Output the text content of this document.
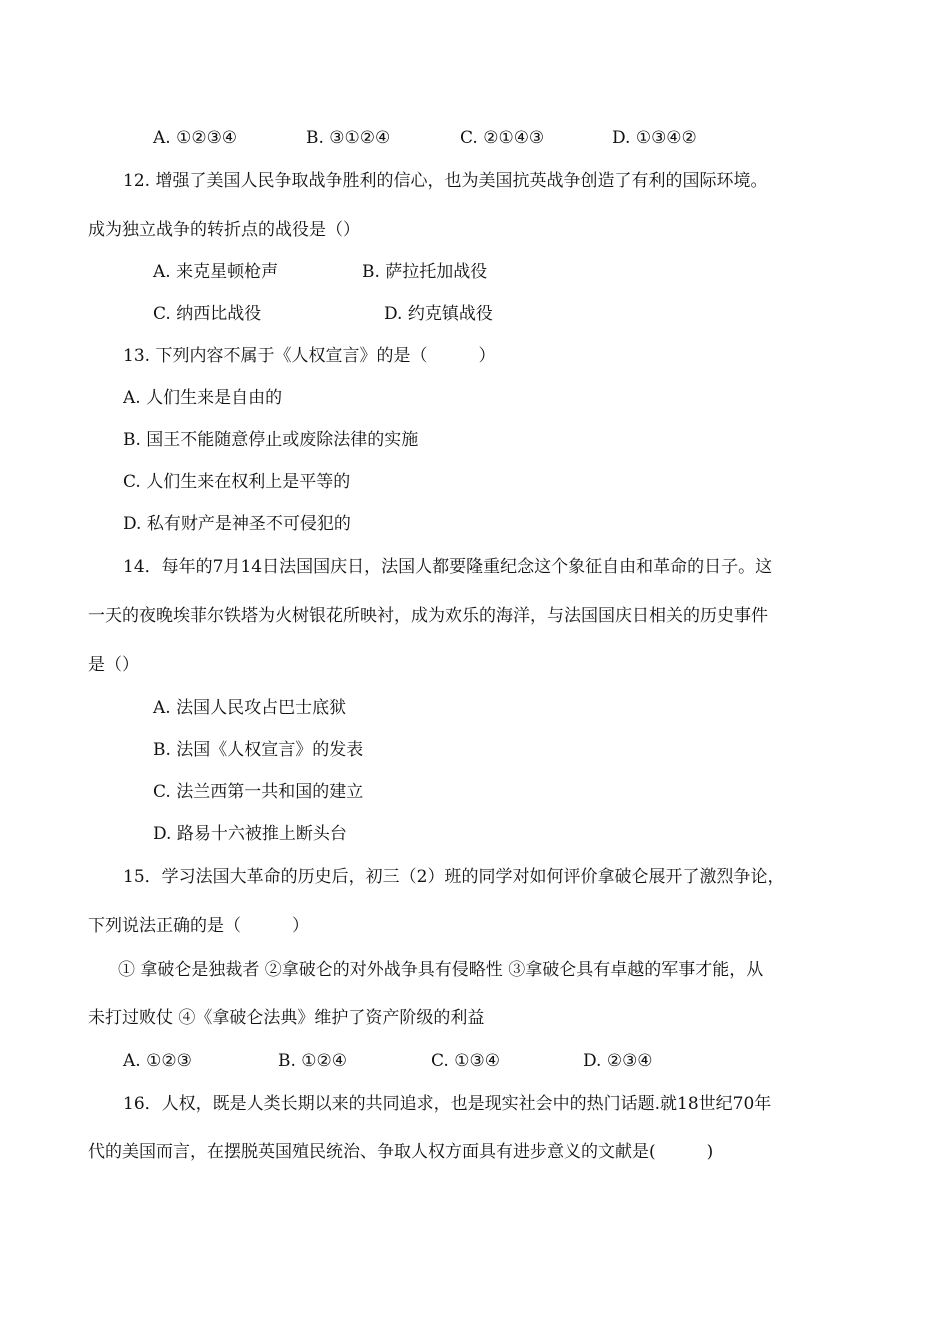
A. ①②③④	B. ③①②④	C. ②①④③	D. ①③④②
12. 增强了美国人民争取战争胜利的信心，也为美国抗英战争创造了有利的国际环境。
成为独立战争的转折点的战役是（）
A. 来克星顿枪声	B. 萨拉托加战役
C. 纳西比战役	D. 约克镇战役
13. 下列内容不属于《人权宣言》的是（　　　）
A. 人们生来是自由的
B. 国王不能随意停止或废除法律的实施
C. 人们生来在权利上是平等的
D. 私有财产是神圣不可侵犯的
14．每年的7月14日法国国庆日，法国人都要隆重纪念这个象征自由和革命的日子。这
一天的夜晚埃菲尔铁塔为火树银花所映衬，成为欢乐的海洋，与法国国庆日相关的历史事件
是（）
A. 法国人民攻占巴士底狱
B. 法国《人权宣言》的发表
C. 法兰西第一共和国的建立
D. 路易十六被推上断头台
15．学习法国大革命的历史后，初三（2）班的同学对如何评价拿破仑展开了激烈争论，
下列说法正确的是（　　　）
① 拿破仑是独裁者 ②拿破仑的对外战争具有侵略性 ③拿破仑具有卓越的军事才能，从
未打过败仗 ④《拿破仑法典》维护了资产阶级的利益
A. ①②③	B. ①②④	C. ①③④	D. ②③④
16．人权，既是人类长期以来的共同追求，也是现实社会中的热门话题.就18世纪70年
代的美国而言，在摆脱英国殖民统治、争取人权方面具有进步意义的文献是(　　　)
